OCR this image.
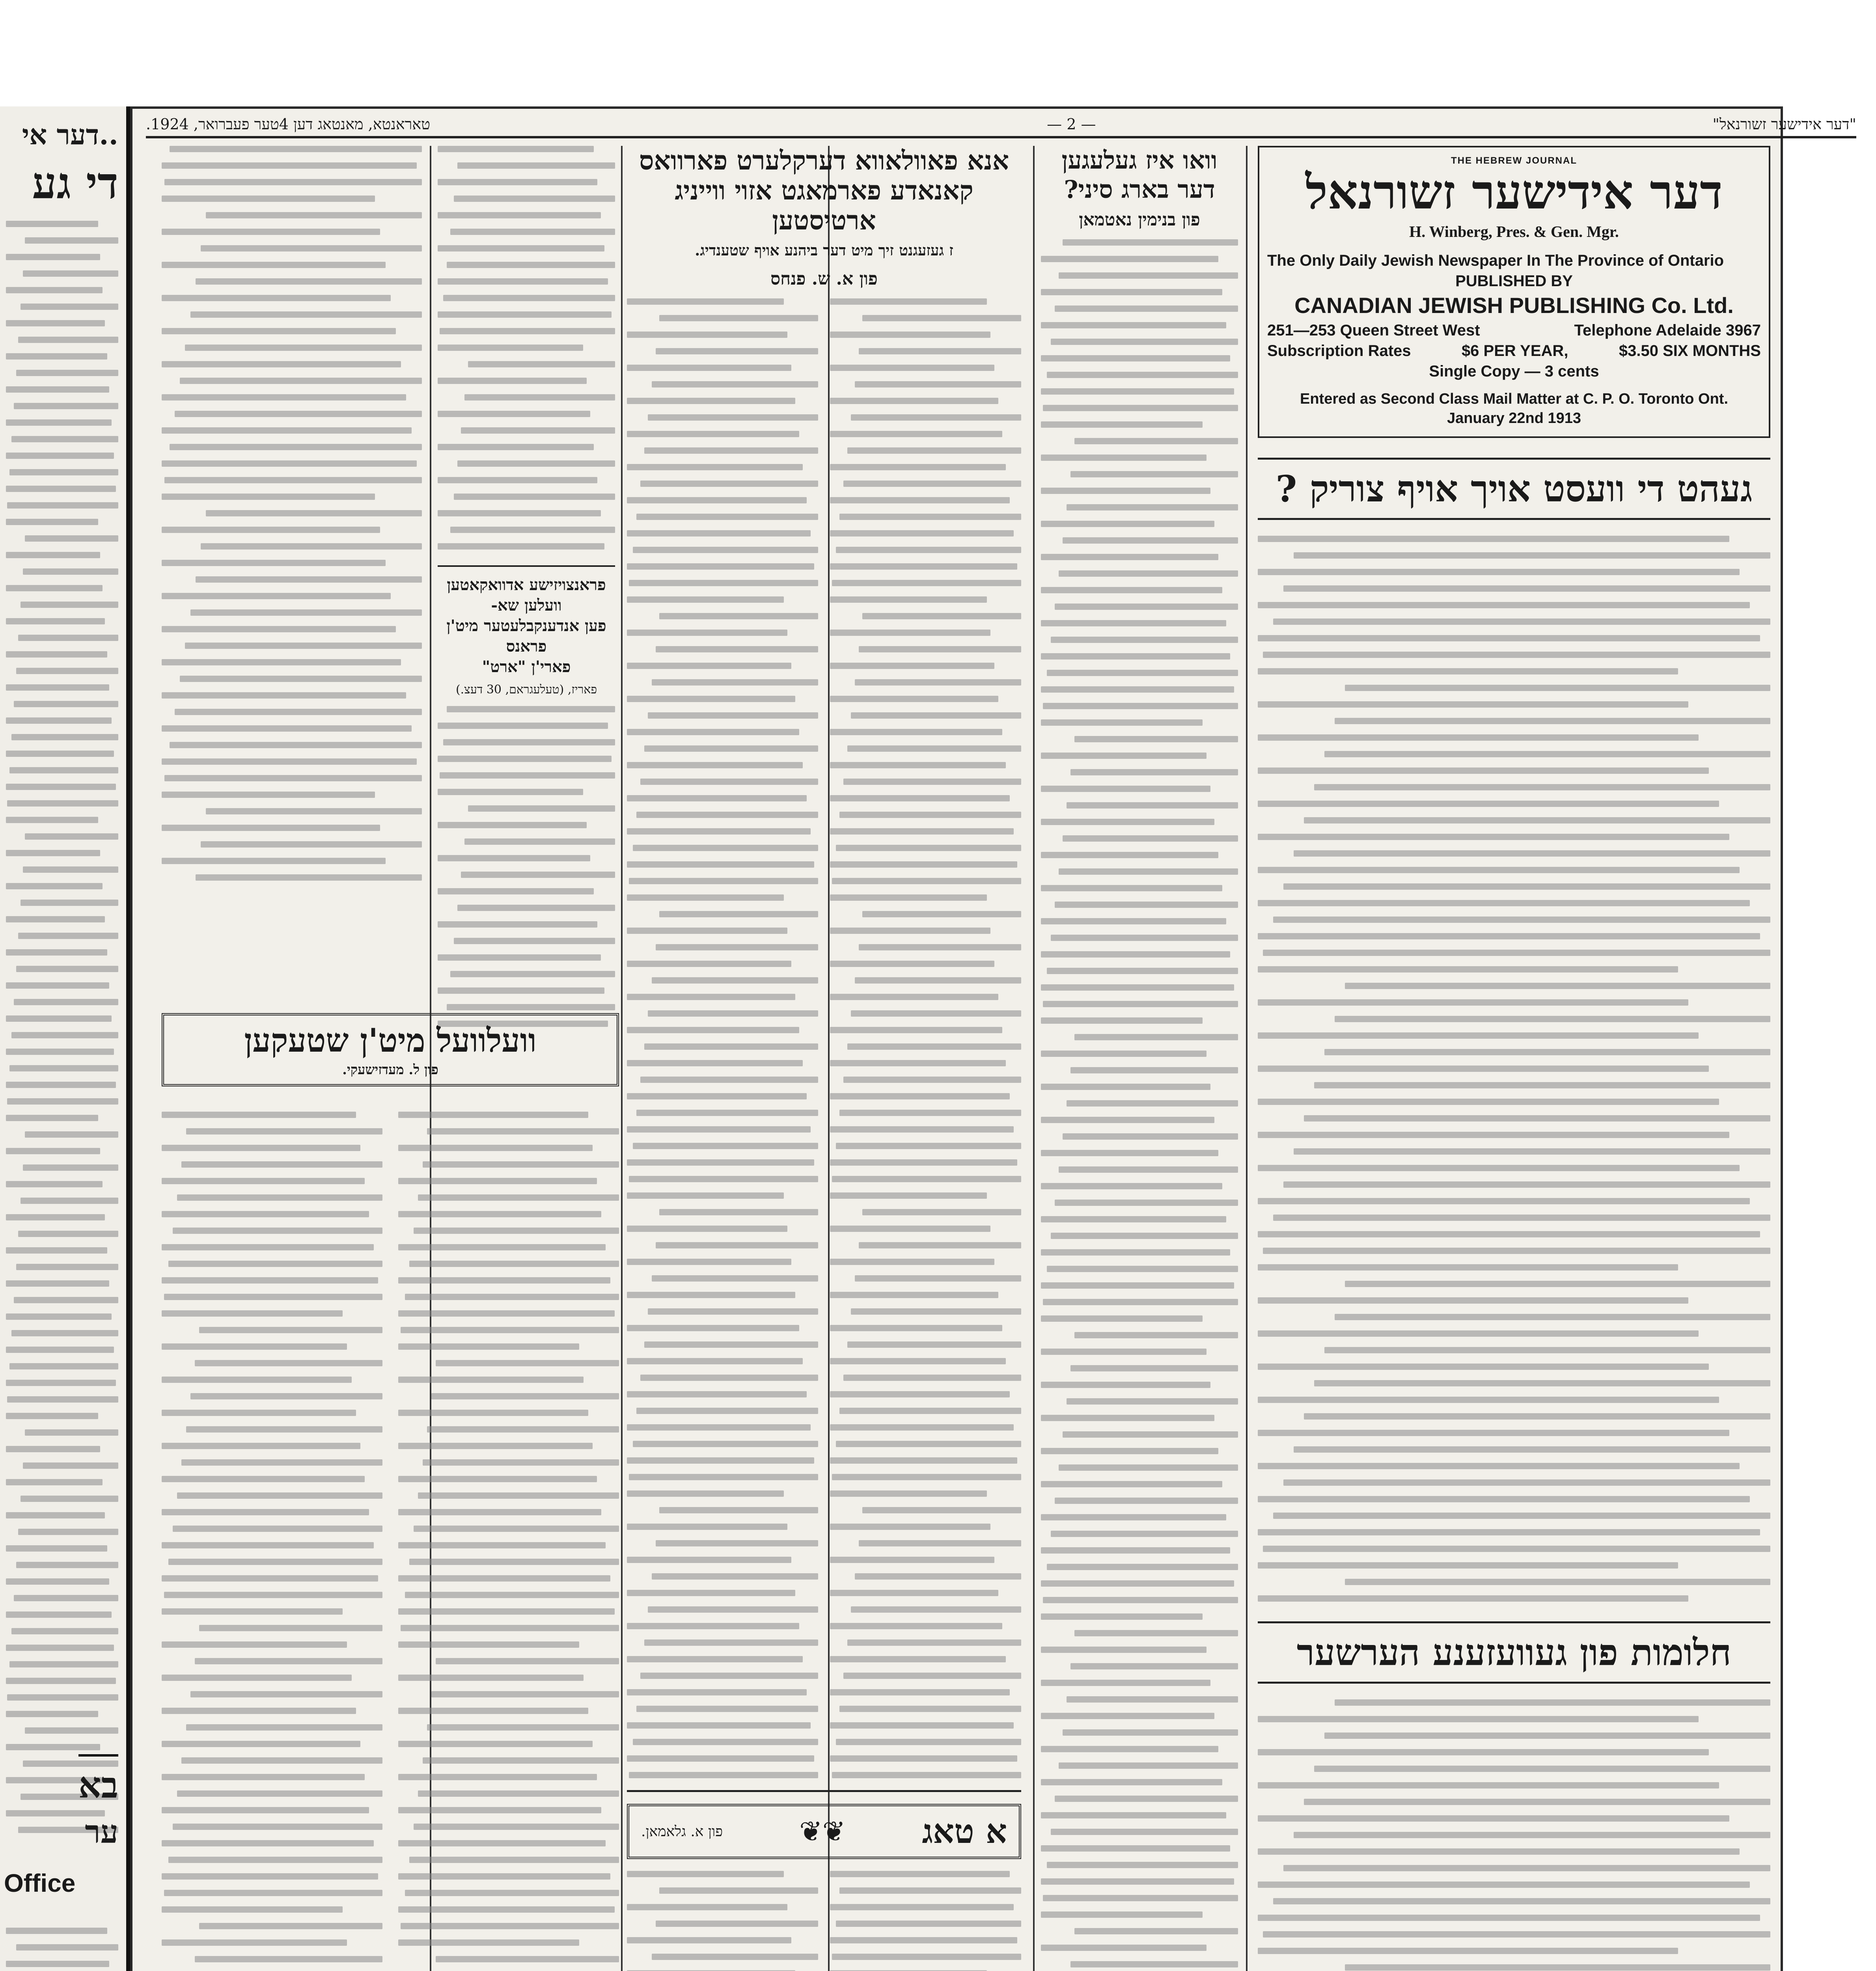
..דער אי
די גע
בא
ער
Office
"דער אידישער זשורנאל"
— 2 —
טאראנטא, מאנטאג דען 4טער פעברואר, 1924.
THE HEBREW JOURNAL
דער אידישער זשורנאל
H. Winberg, Pres. & Gen. Mgr.
The Only Daily Jewish Newspaper In The Province of Ontario
PUBLISHED BY
CANADIAN JEWISH PUBLISHING Co. Ltd.
251—253 Queen Street West	Telephone Adelaide 3967
Subscription Rates	$6 PER YEAR,	$3.50 SIX MONTHS
Single Copy — 3 cents
Entered as Second Class Mail Matter at C. P. O. Toronto Ont.
January 22nd 1913
געהט די וועסט אויך אויף צוריק ?
חלומות פון געוועזענע הערשער
וואו איז געלעגען דער בארג סיני?
פון בנימין נאטמאן
אנא פאוולאווא דערקלערט פארוואס
קאנאדע פארמאגט אזוי ווייניג
ארטיסטען
ז געזעגנט זיך מיט דער ביהנע אויף שטענדיג.
פון א. ש. פנחס
א טאג
❦❦
פון א. גלאמאן.
פראנצויזישע אדוואקאטען וועלען שא-
פען אנדענקבלעטער מיט'ן פראנס
פארי'ן "ארט"
פאריז, (טעלעגראם, 30 דעצ.)
וועלוועל מיט'ן שטעקען
פון ל. מעדזישעקי.
